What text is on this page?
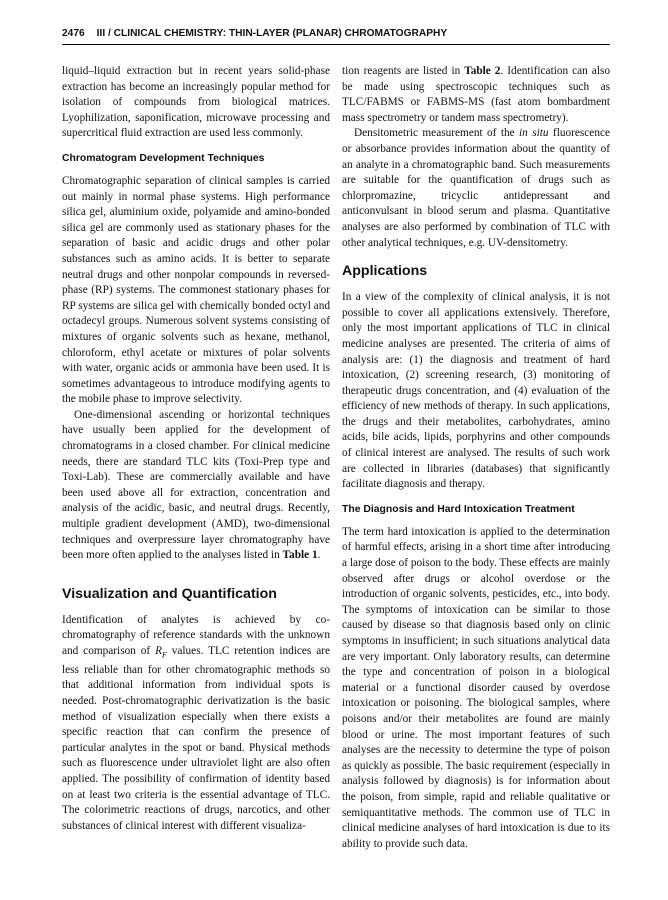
2476 III / CLINICAL CHEMISTRY: THIN-LAYER (PLANAR) CHROMATOGRAPHY

liquid–liquid extraction but in recent years solid-phase extraction has become an increasingly popular method for isolation of compounds from biological matrices. Lyophilization, saponification, microwave processing and supercritical fluid extraction are used less commonly.

Chromatogram Development Techniques

Chromatographic separation of clinical samples is carried out mainly in normal phase systems. High performance silica gel, aluminium oxide, polyamide and amino-bonded silica gel are commonly used as stationary phases for the separation of basic and acidic drugs and other polar substances such as amino acids. It is better to separate neutral drugs and other nonpolar compounds in reversed-phase (RP) systems. The commonest stationary phases for RP systems are silica gel with chemically bonded octyl and octadecyl groups. Numerous solvent systems consisting of mixtures of organic solvents such as hexane, methanol, chloroform, ethyl acetate or mixtures of polar solvents with water, organic acids or ammonia have been used. It is sometimes advantageous to introduce modifying agents to the mobile phase to improve selectivity.

One-dimensional ascending or horizontal techniques have usually been applied for the development of chromatograms in a closed chamber. For clinical medicine needs, there are standard TLC kits (Toxi-Prep type and Toxi-Lab). These are commercially available and have been used above all for extraction, concentration and analysis of the acidic, basic, and neutral drugs. Recently, multiple gradient development (AMD), two-dimensional techniques and overpressure layer chromatography have been more often applied to the analyses listed in Table 1.

Visualization and Quantification

Identification of analytes is achieved by co-chromatography of reference standards with the unknown and comparison of $R_F$ values. TLC retention indices are less reliable than for other chromatographic methods so that additional information from individual spots is needed. Post-chromatographic derivatization is the basic method of visualization especially when there exists a specific reaction that can confirm the presence of particular analytes in the spot or band. Physical methods such as fluorescence under ultraviolet light are also often applied. The possibility of confirmation of identity based on at least two criteria is the essential advantage of TLC. The colorimetric reactions of drugs, narcotics, and other substances of clinical interest with different visualiza-

tion reagents are listed in Table 2. Identification can also be made using spectroscopic techniques such as TLC/FABMS or FABMS-MS (fast atom bombardment mass spectrometry or tandem mass spectrometry).

Densitometric measurement of the in situ fluorescence or absorbance provides information about the quantity of an analyte in a chromatographic band. Such measurements are suitable for the quantification of drugs such as chlorpromazine, tricyclic antidepressant and anticonvulsant in blood serum and plasma. Quantitative analyses are also performed by combination of TLC with other analytical techniques, e.g. UV-densitometry.

Applications

In a view of the complexity of clinical analysis, it is not possible to cover all applications extensively. Therefore, only the most important applications of TLC in clinical medicine analyses are presented. The criteria of aims of analysis are: (1) the diagnosis and treatment of hard intoxication, (2) screening research, (3) monitoring of therapeutic drugs concentration, and (4) evaluation of the efficiency of new methods of therapy. In such applications, the drugs and their metabolites, carbohydrates, amino acids, bile acids, lipids, porphyrins and other compounds of clinical interest are analysed. The results of such work are collected in libraries (databases) that significantly facilitate diagnosis and therapy.

The Diagnosis and Hard Intoxication Treatment

The term hard intoxication is applied to the determination of harmful effects, arising in a short time after introducing a large dose of poison to the body. These effects are mainly observed after drugs or alcohol overdose or the introduction of organic solvents, pesticides, etc., into body. The symptoms of intoxication can be similar to those caused by disease so that diagnosis based only on clinic symptoms in insufficient; in such situations analytical data are very important. Only laboratory results, can determine the type and concentration of poison in a biological material or a functional disorder caused by overdose intoxication or poisoning. The biological samples, where poisons and/or their metabolites are found are mainly blood or urine. The most important features of such analyses are the necessity to determine the type of poison as quickly as possible. The basic requirement (especially in analysis followed by diagnosis) is for information about the poison, from simple, rapid and reliable qualitative or semiquantitative methods. The common use of TLC in clinical medicine analyses of hard intoxication is due to its ability to provide such data.
